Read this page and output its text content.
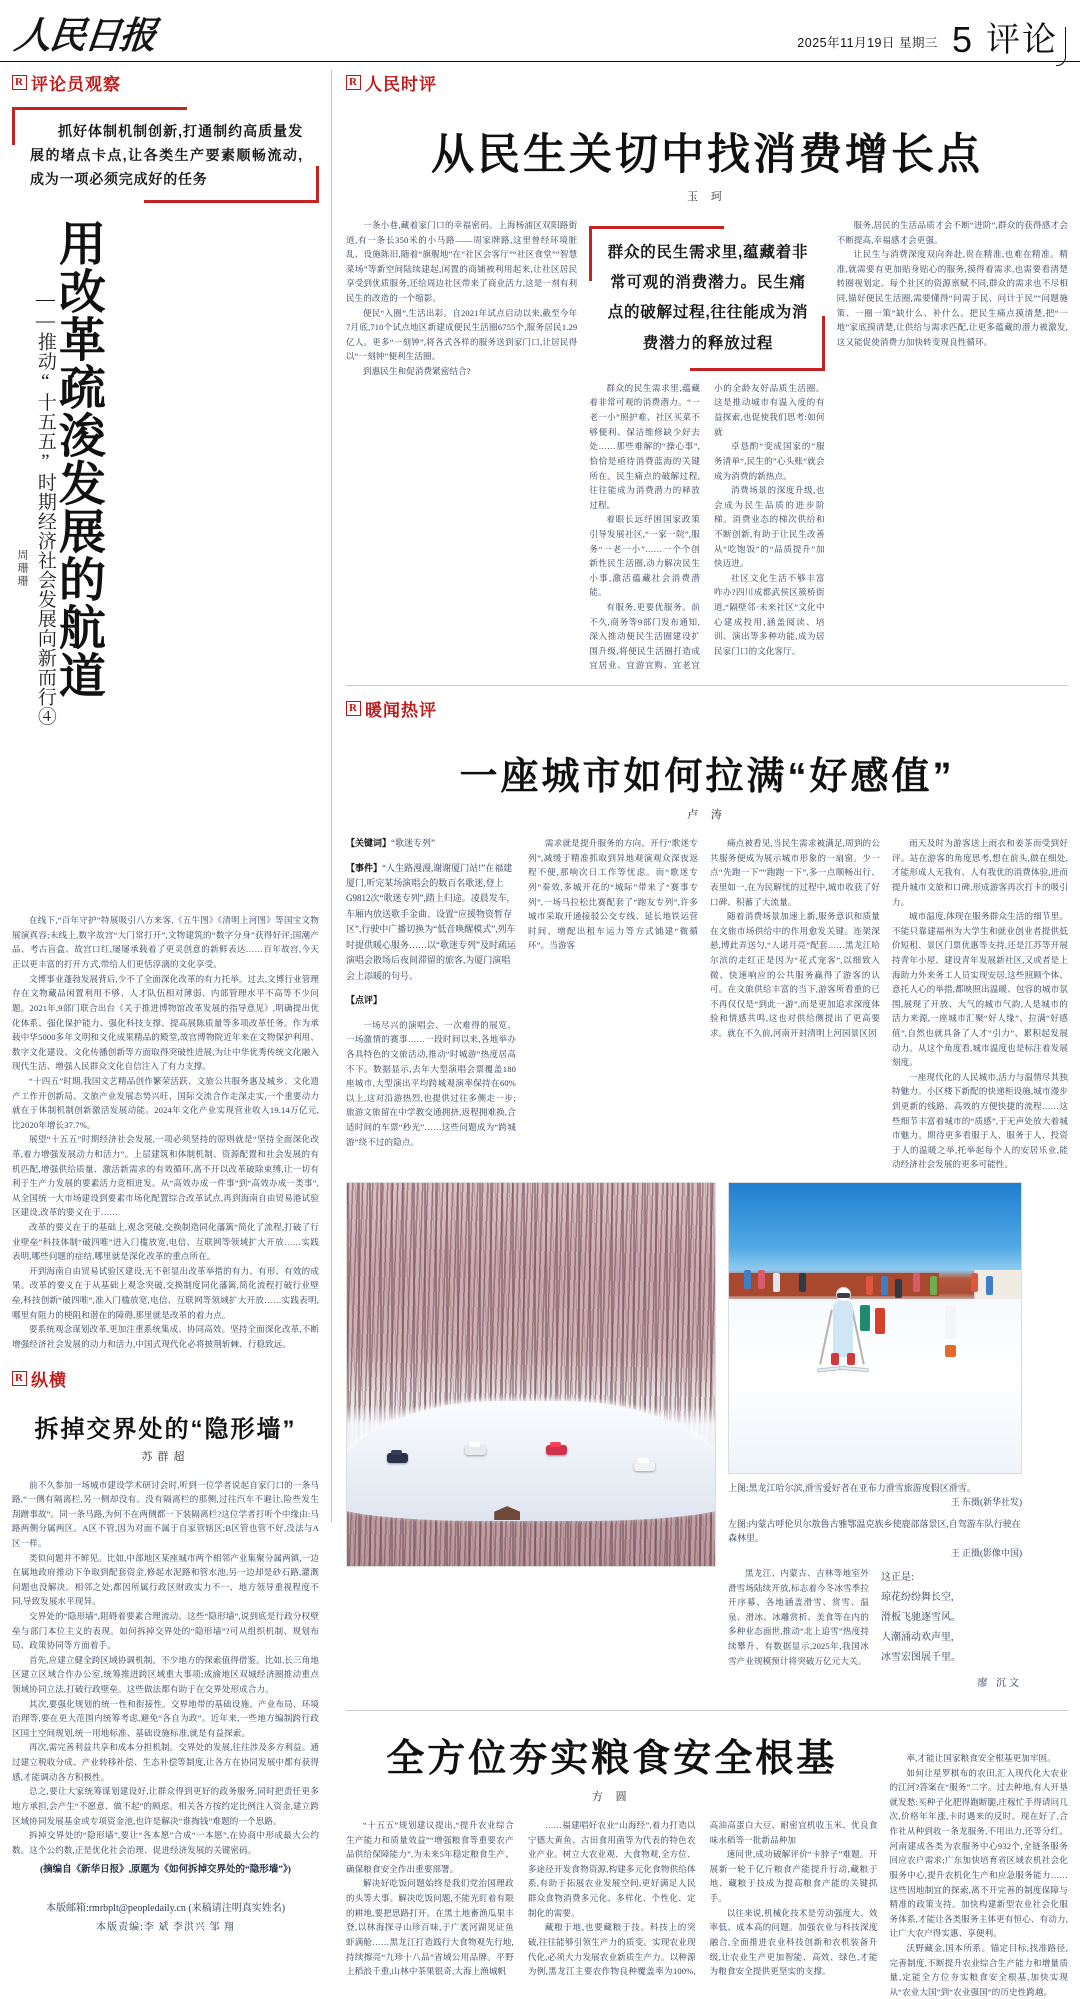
人民日报	2025年11月19日 星期三 5 评论
R 评论员观察
抓好体制机制创新,打通制约高质量发展的堵点卡点,让各类生产要素顺畅流动,成为一项必须完成好的任务
用改革疏浚发展的航道
——推动“十五五”时期经济社会发展向新而行④
周珊珊

在线下,“百年守护”特展吸引八方来客,《五牛图》《清明上河图》等国宝文物展演真容;未线上,数字故宫“大门常打开”,文物建筑的“数字分身”获得好评;国潮产品、考古盲盒、故宫口红,屡屡承载着了更灵创意的新鲜表达……百年故宫,今天正以更丰富的打开方式,带给人们更恬淳漓的文化享受。

文博事业蓬勃发展背后,少不了全面深化改革的有力托举。过去,文博行业管理存在文物藏品闲置利用不够、人才队伍相对薄弱、内部管理水平不高等不少问题。2021年,9部门联合出台《关于推进博物馆改革发展的指导意见》,明确提出优化体系、强化保护能力、强化科技支撑、提高展陈质量等多项改革任务。作为承载中华5000多年文明和文化成果精品的殿堂,故宫博物院近年来在文物保护利用、数字文化建设、文化传播创新等方面取得突破性进展,为让中华优秀传统文化融入现代生活、增强人民群众文化自信注入了有力支撑。

“十四五”时期,我国文艺精品创作繁荣活跃、文旅公共服务惠及城乡、文化遗产工作开创新局、文旅产业发展态势兴旺、国际交流合作走深走实,一个重要动力就在于体制机制创新激活发展动能。2024年文化产业实现营业收入19.14万亿元,比2020年增长37.7%。

展望“十五五”时期经济社会发展,一项必须坚持的原则就是“坚持全面深化改革,着力增强发展动力和活力”。上层建筑和体制机制、资源配置和社会发展的有机匹配,增强供给质量、激活新需求的有效循环,离不开以改革破除束缚,让一切有利于生产力发展的要素活力竞相迸发。从“高效办成一件事”到“高效办成一类事”,从全国统一大市场建设到要素市场化配置综合改革试点,再到海南自由贸易港试验区建设,改革的要义在于……

改革的要义在于的基础上,观念突破,交换制造同化藩篱“简化了流程,打破了行业壁垒”科技体制“破四唯”进入门槛放宽,电信、互联网等领域扩大开放……实践表明,哪些问题的症结,哪里就是深化改革的重点所在。

开到海南自由贸易试验区建设,无不彰显出改革举措的有力、有形、有效的成果。改革的要义在于从基础上观念突破,交换制度同化藩篱,简化流程打破行业壁垒,科技创新“破四唯”,准入门槛放宽,电信、互联网等领域扩大开放……实践表明,哪里有阻力的梗阻和潜在的障碍,那里就是改革的着力点。

要系统观念谋划改革,更加注重系统集成、协同高效。坚持全面深化改革,不断增强经济社会发展的动力和活力,中国式现代化必将披荆斩棘、行稳致远。

R 纵横
拆掉交界处的“隐形墙”
苏群超

前不久参加一场城市建设学术研讨会时,听到一位学者说起自家门口的一条马路,“一侧有隔离栏,另一侧却没有。没有隔离栏的那侧,过往汽车不避让,险些发生刮蹭事故”。同一条马路,为何不在两侧都一下装隔离栏?这位学者打听个中缘由:马路两侧分属两区。A区不管,因为对面不属于自家管辖区;B区管也管不好,没法与A区一样。

类似问题并不鲜见。比如,中部地区某座城市两个相邻产业集聚分属两镇,一边在属地政府推动下争取到配套资金,修起水泥路和管水池,另一边却是砂石路,灌溉问题也没解决。相邻之处,都因所属行政区财政实力不一、地方领导重视程度不同,导致发展水平现异。

交界处的“隐形墙”,阻碍着要素合理流动。这些“隐形墙”,说到底是行政分权壁垒与部门本位主义的表现。如何拆掉交界处的“隐形墙”?可从组织机制、规划布局、政策协同等方面着手。

首先,应建立健全跨区域协调机制。不少地方的探索值得借鉴。比如,长三角地区建立区域合作办公室,统筹推进跨区域重大事项;成渝地区双城经济圈推动重点领域协同立法,打破行政壁垒。这些做法都有助于在交界处形成合力。

其次,要强化规划的统一性和衔接性。交界地带的基础设施、产业布局、环境治理等,要在更大范围内统筹考虑,避免“各自为政”。近年来,一些地方编制跨行政区国土空间规划,统一用地标准、基础设施标准,就是有益探索。

再次,需完善利益共享和成本分担机制。交界处的发展,往往涉及多方利益。通过建立税收分成、产业转移补偿、生态补偿等制度,让各方在协同发展中都有获得感,才能调动各方积极性。

总之,要让大家统筹谋划建设好,让群众得到更好的政务服务,同时把责任更多地方承担,会产生“不愿意、做不起”的顾虑。相关各方按约定比例注入资金,建立跨区域协同发展基金或专项资金池,也许是解决“谁掏钱”难题的一个思路。

拆掉交界处的“隐形墙”,要让“各本愿”合成“一本愿”,在协商中形成最大公约数。这个公约数,正是优化社会治理、促进经济发展的关键密码。

(摘编自《新华日报》,原题为《如何拆掉交界处的“隐形墙”》)
本版邮箱:rmrbplt@peopledaily.cn (来稿请注明真实姓名)
本版责编:李 斌 李洪兴 邹 翔
R 人民时评
从民生关切中找消费增长点
玉 珂

一条小巷,藏着家门口的幸福密码。上海杨浦区双阳路街道,有一条长350米的小马路——周家牌路,这里曾经环境脏乱、设施陈旧,随着“旗舰地”在“社区会客厅”“社区食堂”“智慧菜场”等新空间陆续建起,闲置的商铺被利用起来,让社区居民享受到优质服务,还给周边社区带来了商业活力,这是一剂有利民生的改造的一个缩影。

便民“入圈”,生活出彩。自2021年试点启动以来,截至今年7月底,710个试点地区新建成便民生活圈6755个,服务居民1.29亿人。更多“一刻钟”,将各式各样的服务送到家门口,让居民得以“一刻钟”便利生活圈。

到惠民生和促消费紧密结合?

群众的民生需求里,蕴藏着非常可观的消费潜力。民生痛点的破解过程,往往能成为消费潜力的释放过程

群众的民生需求里,蕴藏着非常可观的消费潜力。“一老一小”照护难、社区买菜不够便利、保洁维修缺少好去处……那些难解的“操心事”,恰恰是亟待消费蓝海的关键所在。民生痛点的破解过程,往往能成为消费潜力的释放过程。

着眼长远纾困国家政策引导发展社区,“一家一院”,服务“一老一小”……一个个创新性民生活圈,动力解决民生小事,激活蕴藏社会消费潜能。

有服务,更要优服务。前不久,商务等9部门发布通知,深入推动便民生活圈建设扩围升级,将便民生活圈打造成宜居业、宜游宜购、宜老宜小的全龄友好品质生活圈。这是推动城市有温入度的有益探索,也促使我们思考:如何就

卓恳酌“变成国家的”服务清单“,民生的”心头账“就会成为消费的新热点。

消费场景的深度升级,也会成为民生品质的进步阶梯。消费业态的梯次供给和不断创新,有助于让民生改善从“吃饱饭”的“品质提升”加快迈进。

社区文化生活不够丰富咋办?四川成都武侯区簇桥街道,“隔壁邻·未来社区”文化中心建成投用,涵盖阅读、培训、演出等多种功能,成为居民家门口的文化客厅。

服务,居民的生活品质才会不断“进阶”,群众的获得感才会不断提高,幸福感才会更强。

让民生与消费深度双向奔赴,贵在精准,也难在精准。精准,就需要有更加贴身贴心的服务,摸得着需求,也需要看清楚转圈视划定。每个社区的资源禀赋不同,群众的需求也不尽相同,锚好便民生活圈,需要懂得“问需于民、问计于民”“问题施策、一圈一策”缺什么、补什么。把民生痛点摸清楚,把“一地”家底摸清楚,让供给与需求匹配,让更多蕴藏的潜力被激发,这又能促使消费力加快转变现良性循环。

R 暖闻热评
一座城市如何拉满“好感值”
卢 涛
【关键词】“歌迷专列”
【事件】“人生路漫漫,谢谢厦门站!”在福建厦门,听完某场演唱会的数百名歌迷,登上G9812次“歌迷专列”,踏上归途。凌晨发车,车厢内放送歌手金曲、设置“应援物资暂存区”,行驶中广播切换为“低音唤醒模式”,列车时提供暖心服务……以“歌迷专列”及时疏运演唱会散场后夜间滞留的旅客,为厦门演唱会上添暖的句号。
【点评】

一场尽兴的演唱会、一次难得的展览、一场激情的赛事……一段时间以来,各地举办各具特色的文旅活动,推动“时城游”热度居高不下。数据显示,去年大型演唱会票覆盖180座城市,大型演出平均跨城观演率保持在60%以上,这对沿游热烈,也提供过往多侧走一步;旅游文旅留在中学教交通拥挤,返程拥难换,合适时间的车票“秒光”……这些问题成为“跨城游”绕不过的隐点。

需求就是提升服务的方向。开行“歌迷专列”,减缓于精准抓取到异地观演观众深夜返程不便,那响次日工作等忧虑。而“歌迷专列”奏效,多城开花的“城际”带来了“赛事专列”,一场马拉松比赛配套了“跑友专列”,许多城市采取开通接驳公交专线、延长地铁运营时间、增配出租车运力等方式铺建“微循环”。当游客

痛点被看见,当民生需求被满足,周到的公共服务便成为展示城市形象的一扇窗。少一点“先跑一下”“跑跑一下”,多一点顺畅出行、表里如一,在为民解忧的过程中,城市收获了好口碑、积蓄了大流量。

随着消费场景加速上新,服务意识和质量在文旅市场供给中的作用愈发关键。连架深悬,博此弄送匀,“人诺月亮”配套……黑龙江哈尔滨的走红正是因为“花式宠客”,以细致入微、快速响应的公共服务赢得了游客的认可。在文旅供给丰富的当下,游客所看重的已不再仅仅是“到此一游”,而是更加追求深度体验和情感共鸣,这也对供给侧提出了更高要求。就在不久前,河南开封清明上河园景区因

雨天及时为游客送上雨衣和姜茶而受到好评。站在游客的角度思考,想在前头,做在细处,才能形成人无我有、人有我优的消费体验,进而提升城市文旅和口碑,形成游客再次打卡的吸引力。

城市温度,体现在服务群众生活的细节里。不能只靠建福州为大学生和就业创业者提供低价短租、景区门票优惠等支持,还是江苏等开展持青年小屋、建设青年发展新社区,又或者是上海助力外来务工人员实现安居,这些照顾个体、意托人心的举措,都映照出温暖、包容的城市氛围,展现了开放、大气的城市气韵,人是城市的活力来源,一座城市汇聚“好人缘”、拉满“好感值”,自然也就具备了人才“引力”、累积起发展动力。从这个角度看,城市温度也是标注着发展刻度。

一座现代化的人民城市,活力与温情尽其独特魅力。小区楼下新配的快递柜设施,城市漫步到更新的线路、高效的方便快捷的流程……这些细节丰富着城市的“质感”,于无声处放大着城市魅力。期待更多看服于人、服务于人、投资于人的温暖之举,托举起每个人的安居乐业,能动经济社会发展的更多可能性。

上图:黑龙江哈尔滨,滑雪爱好者在亚布力滑雪旅游度假区滑雪。
王 东摄(新华社发)
左图:内蒙古呼伦贝尔敖鲁古雅鄂温克族乡使鹿部落景区,自驾游车队行驶在森林里。
王 正摄(影像中国)

黑龙江、内蒙古、吉林等地室外滑雪场陆续开放,标志着今冬冰雪季拉开序幕、各地涵盖滑雪、赏雪、温泉、滑冰、冰雕赏析、美食等在内的多种业态面世,推动“北上追雪”热度持续攀升、有数据显示,2025年,我国冰雪产业规模预计将突破万亿元大关。

这正是:
琼花纷纷舞长空,
滑板飞驰逐雪风。
人潮涌动欢声里,
冰雪宏图展千里。
廖 沉文
全方位夯实粮食安全根基
方 圆

“十五五”规划建议提出,“提升农业综合生产能力和质量效益”“增强粮食等重要农产品供给保障能力”,为未来5年稳定粮食生产、确保粮食安全作出重要部署。

解决好吃饭问题始终是我们党治国理政的头等大事。解决吃饭问题,不能光盯着有限的耕地,要把思路打开。在黑土地畜渔瓜果丰登,以林海探寻山珍百味,于广袤河湖见证鱼虾满舱……黑龙江打造践行大食物观先行地,持续擦亮“九珍十八品”省域公用品牌。平野上稻浪千重,山林中茶果银奇,大海上渔城帆

……福建唱好农业“山海经”,着力打造以宁德大黄鱼、古田食用菌等为代表的特色农业产业。树立大农业观、大食物观,全方位、多途径开发食物资源,构建多元化食物供给体系,有助于拓展农业发展空间,更好满足人民群众食物消费多元化、多样化、个性化、定制化的需要。

藏粮于地,也要藏粮于技。科技上的突破,往往能够引领生产力的质变。实现农业现代化,必须大力发展农业新质生产力。以种源为例,黑龙江主要农作物良种覆盖率为100%,高油高蛋白大豆、耐密宜机收玉米、优良食味水稻等一批新品种加

速问世,成功破解评价“卡脖子”难题。开展新一轮千亿斤粮食产能提升行动,藏粮于地、藏粮于技成为提高粮食产能的关键抓手。

以往来说,机械化技术是劳动强度大、效率低、成本高的问题。加强农业与科技深度融合,全面推进农业科技创新和农机装备升级,让农业生产更加智能、高效、绿色,才能为粮食安全提供更坚实的支撑。

率,才能让国家粮食安全根基更加牢固。

如何让星罗棋布的农田,汇入现代化大农业的江河?答案在“服务”二字。过去种地,有人开垦就发愁:买种子化肥得跑断腿,庄稼忙手得请问几次,价格年年涨,卡时遇来的反时。现在好了,合作社从种到收一条龙服务,不用出力,还等分红。河南建成各类为农服务中心932个,全链条服务回应农户需求;广东加快培育省区域农机社会化服务中心,提升农机化生产和应急服务能力……这些因地制宜的探索,离不开完善的制度保障与精准的政策支持。加快构建新型农业社会化服务体系,才能让各类服务主体更有恒心、有动力,让广大农户得实惠、享便利。

沃野藏金,国本所系。锚定目标,找准路径,完善制度,不断提升农业综合生产能力和增量质量,定能全方位夯实粮食安全根基,加快实现从“农业大国”到“农业强国”的历史性跨越。
